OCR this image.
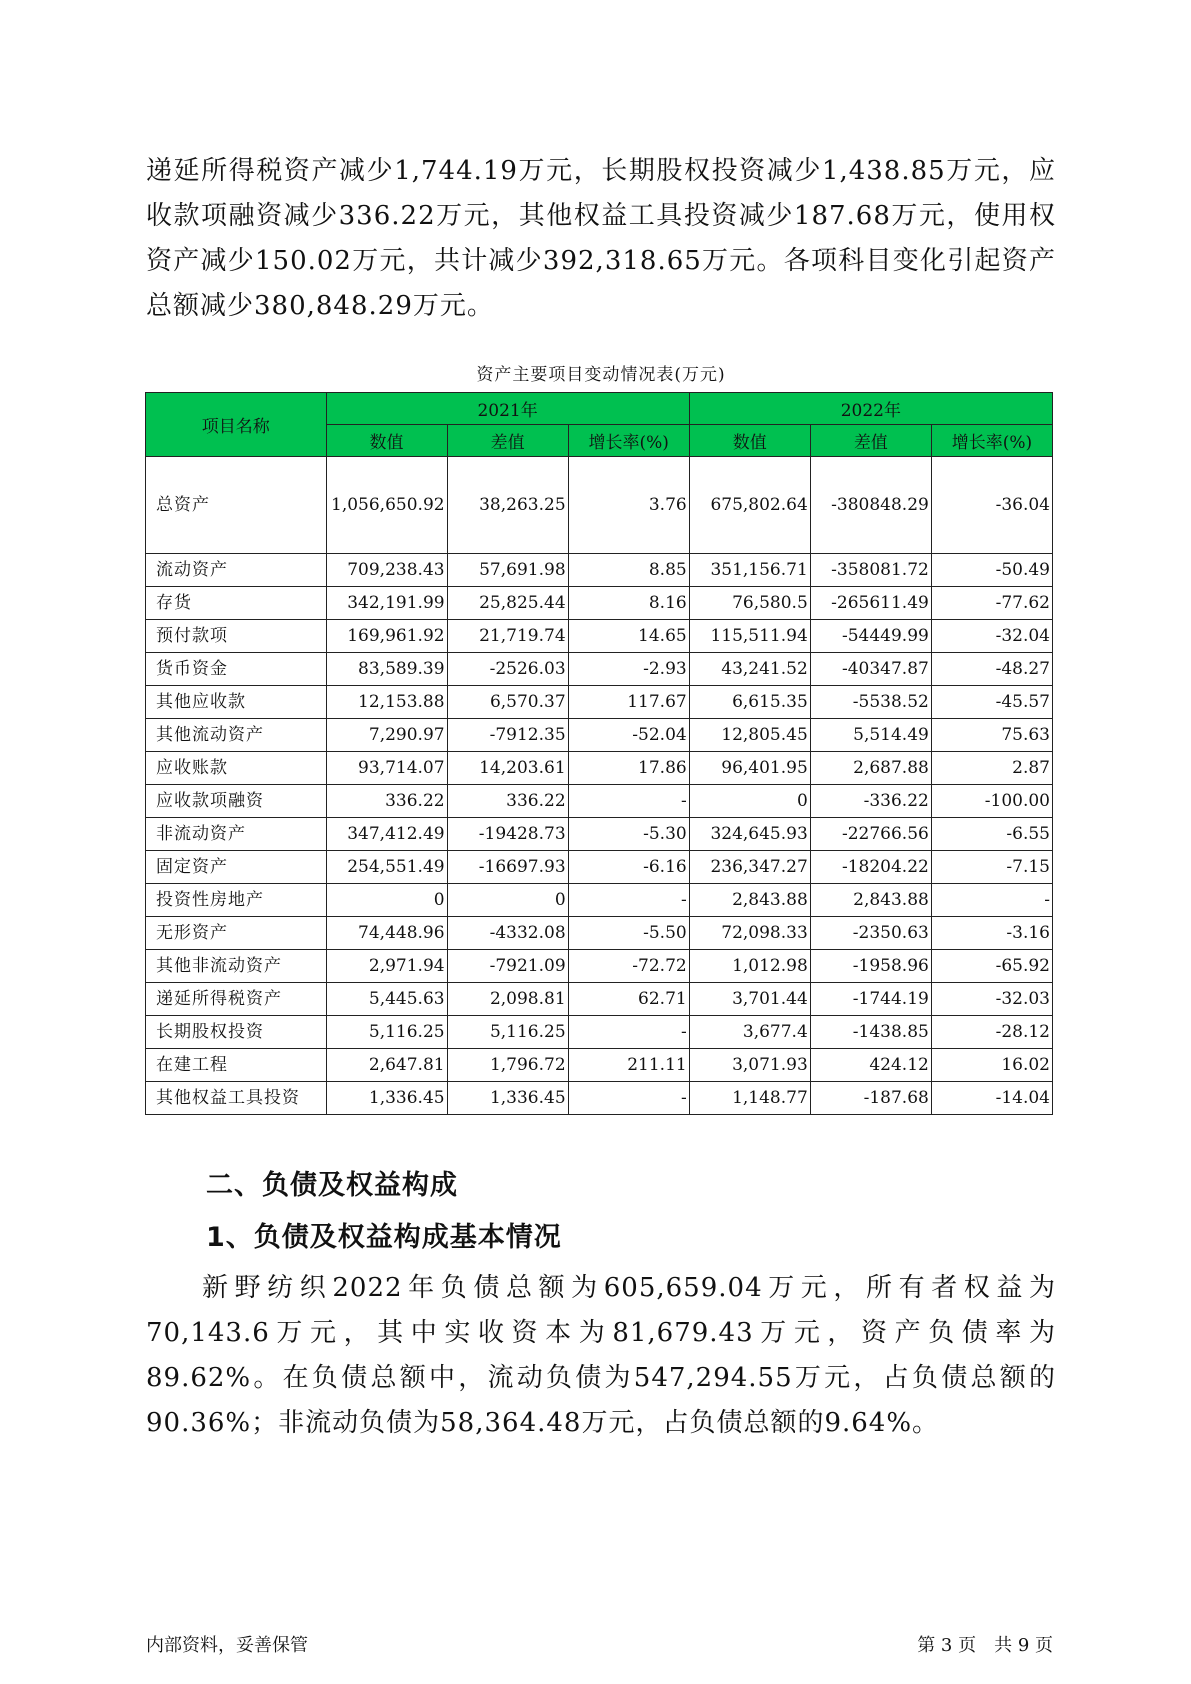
递延所得税资产减少1,744.19万元，长期股权投资减少1,438.85万元，应收款项融资减少336.22万元，其他权益工具投资减少187.68万元，使用权资产减少150.02万元，共计减少392,318.65万元。各项科目变化引起资产总额减少380,848.29万元。
资产主要项目变动情况表(万元)
项目名称	2021年			2022年		
	数值	差值	增长率(%)	数值	差值	增长率(%)
总资产	1,056,650.92	38,263.25	3.76	675,802.64	-380848.29	-36.04
流动资产	709,238.43	57,691.98	8.85	351,156.71	-358081.72	-50.49
存货	342,191.99	25,825.44	8.16	76,580.5	-265611.49	-77.62
预付款项	169,961.92	21,719.74	14.65	115,511.94	-54449.99	-32.04
货币资金	83,589.39	-2526.03	-2.93	43,241.52	-40347.87	-48.27
其他应收款	12,153.88	6,570.37	117.67	6,615.35	-5538.52	-45.57
其他流动资产	7,290.97	-7912.35	-52.04	12,805.45	5,514.49	75.63
应收账款	93,714.07	14,203.61	17.86	96,401.95	2,687.88	2.87
应收款项融资	336.22	336.22	-	0	-336.22	-100.00
非流动资产	347,412.49	-19428.73	-5.30	324,645.93	-22766.56	-6.55
固定资产	254,551.49	-16697.93	-6.16	236,347.27	-18204.22	-7.15
投资性房地产	0	0	-	2,843.88	2,843.88	-
无形资产	74,448.96	-4332.08	-5.50	72,098.33	-2350.63	-3.16
其他非流动资产	2,971.94	-7921.09	-72.72	1,012.98	-1958.96	-65.92
递延所得税资产	5,445.63	2,098.81	62.71	3,701.44	-1744.19	-32.03
长期股权投资	5,116.25	5,116.25	-	3,677.4	-1438.85	-28.12
在建工程	2,647.81	1,796.72	211.11	3,071.93	424.12	16.02
其他权益工具投资	1,336.45	1,336.45	-	1,148.77	-187.68	-14.04
二、负债及权益构成
1、负债及权益构成基本情况
新野纺织2022年负债总额为605,659.04万元，所有者权益为70,143.6万元，其中实收资本为81,679.43万元，资产负债率为89.62%。在负债总额中，流动负债为547,294.55万元，占负债总额的90.36%；非流动负债为58,364.48万元，占负债总额的9.64%。
内部资料，妥善保管	第 3 页　共 9 页
